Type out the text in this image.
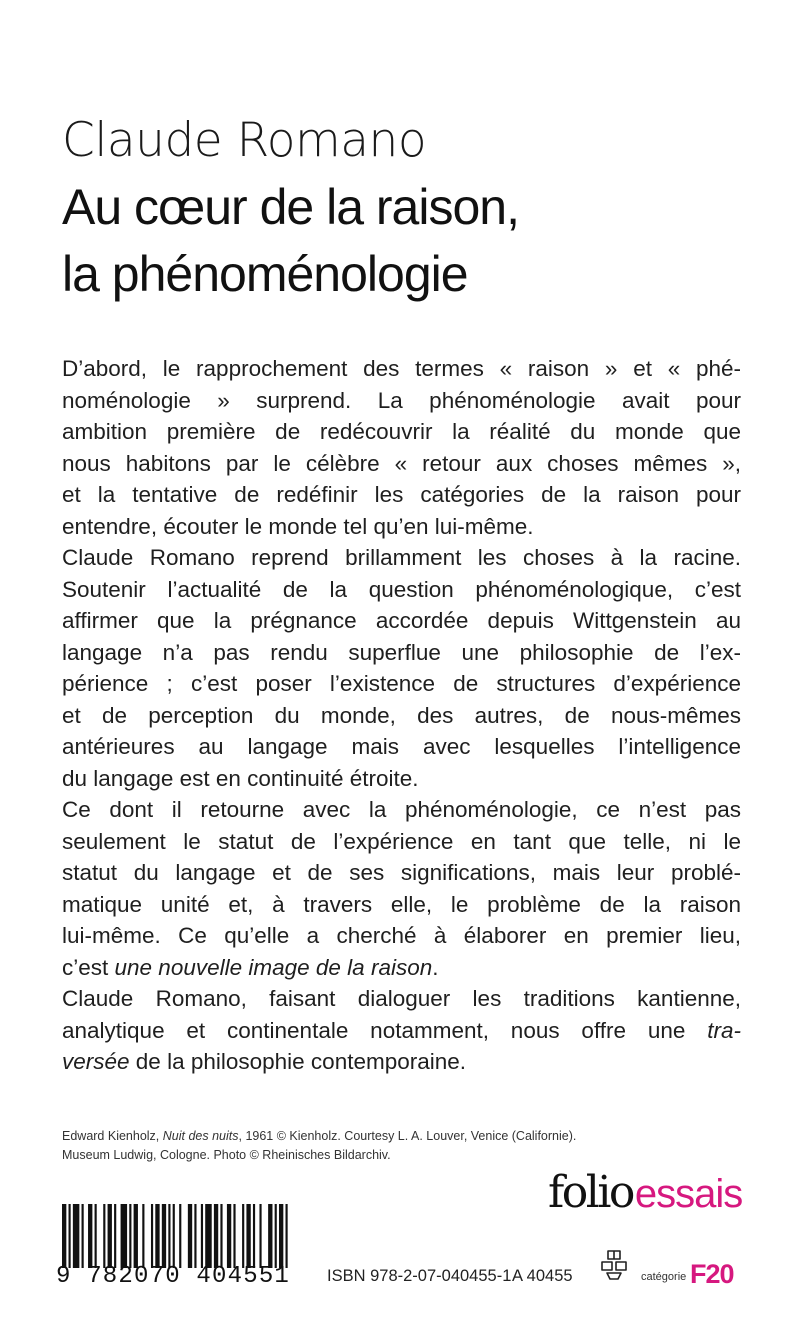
Claude Romano
Au cœur de la raison,
la phénoménologie
D’abord, le rapprochement des termes « raison » et « phé-
noménologie » surprend. La phénoménologie avait pour
ambition première de redécouvrir la réalité du monde que
nous habitons par le célèbre « retour aux choses mêmes »,
et la tentative de redéfinir les catégories de la raison pour
entendre, écouter le monde tel qu’en lui-même.
Claude Romano reprend brillamment les choses à la racine.
Soutenir l’actualité de la question phénoménologique, c’est
affirmer que la prégnance accordée depuis Wittgenstein au
langage n’a pas rendu superflue une philosophie de l’ex-
périence ; c’est poser l’existence de structures d’expérience
et de perception du monde, des autres, de nous-mêmes
antérieures au langage mais avec lesquelles l’intelligence
du langage est en continuité étroite.
Ce dont il retourne avec la phénoménologie, ce n’est pas
seulement le statut de l’expérience en tant que telle, ni le
statut du langage et de ses significations, mais leur problé-
matique unité et, à travers elle, le problème de la raison
lui-même. Ce qu’elle a cherché à élaborer en premier lieu,
c’est une nouvelle image de la raison.
Claude Romano, faisant dialoguer les traditions kantienne,
analytique et continentale notamment, nous offre une tra-
versée de la philosophie contemporaine.
Edward Kienholz, Nuit des nuits, 1961 © Kienholz. Courtesy L. A. Louver, Venice (Californie).
Museum Ludwig, Cologne. Photo © Rheinisches Bildarchiv.
folioessais
9 782070 404551 ISBN 978-2-07-040455-1 A 40455	catégorie F20
